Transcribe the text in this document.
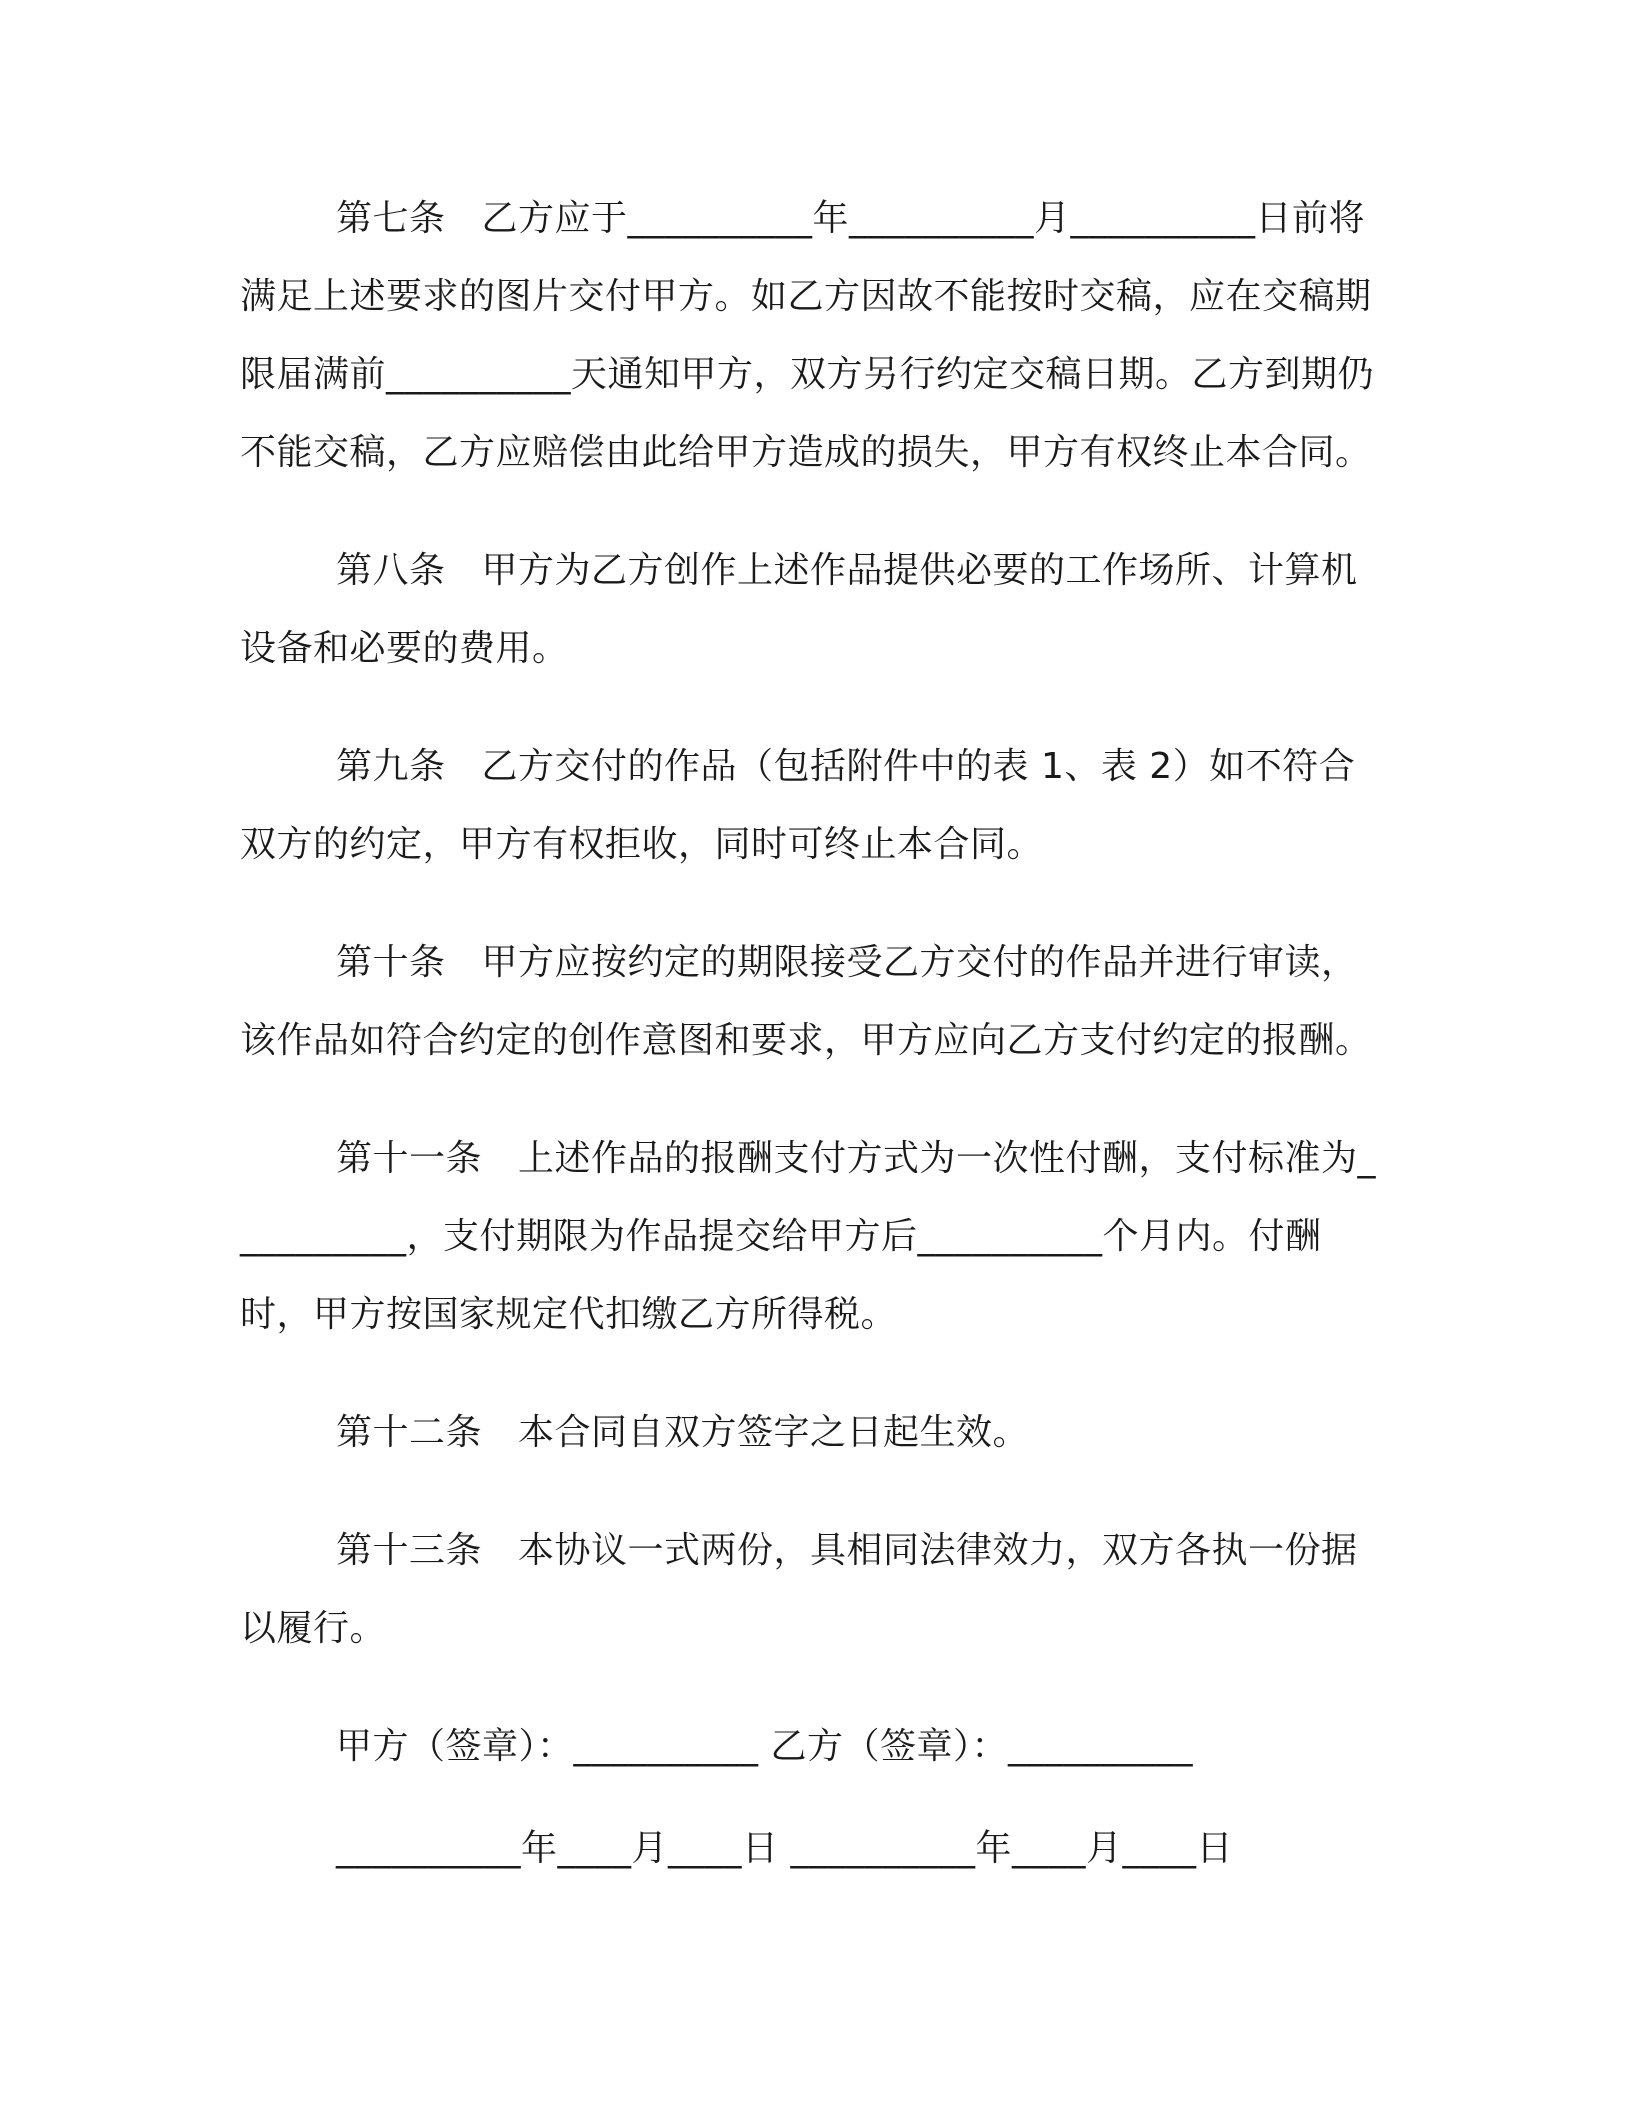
第七条 乙方应于__________年__________月__________日前将满足上述要求的图片交付甲方。如乙方因故不能按时交稿，应在交稿期限届满前__________天通知甲方，双方另行约定交稿日期。乙方到期仍不能交稿，乙方应赔偿由此给甲方造成的损失，甲方有权终止本合同。

第八条 甲方为乙方创作上述作品提供必要的工作场所、计算机设备和必要的费用。

第九条 乙方交付的作品（包括附件中的表 1、表 2）如不符合双方的约定，甲方有权拒收，同时可终止本合同。

第十条 甲方应按约定的期限接受乙方交付的作品并进行审读，该作品如符合约定的创作意图和要求，甲方应向乙方支付约定的报酬。

第十一条 上述作品的报酬支付方式为一次性付酬，支付标准为__________，支付期限为作品提交给甲方后__________个月内。付酬时，甲方按国家规定代扣缴乙方所得税。

第十二条 本合同自双方签字之日起生效。

第十三条 本协议一式两份，具相同法律效力，双方各执一份据以履行。

甲方（签章）：__________ 乙方（签章）：__________
__________年____月____日 __________年____月____日
